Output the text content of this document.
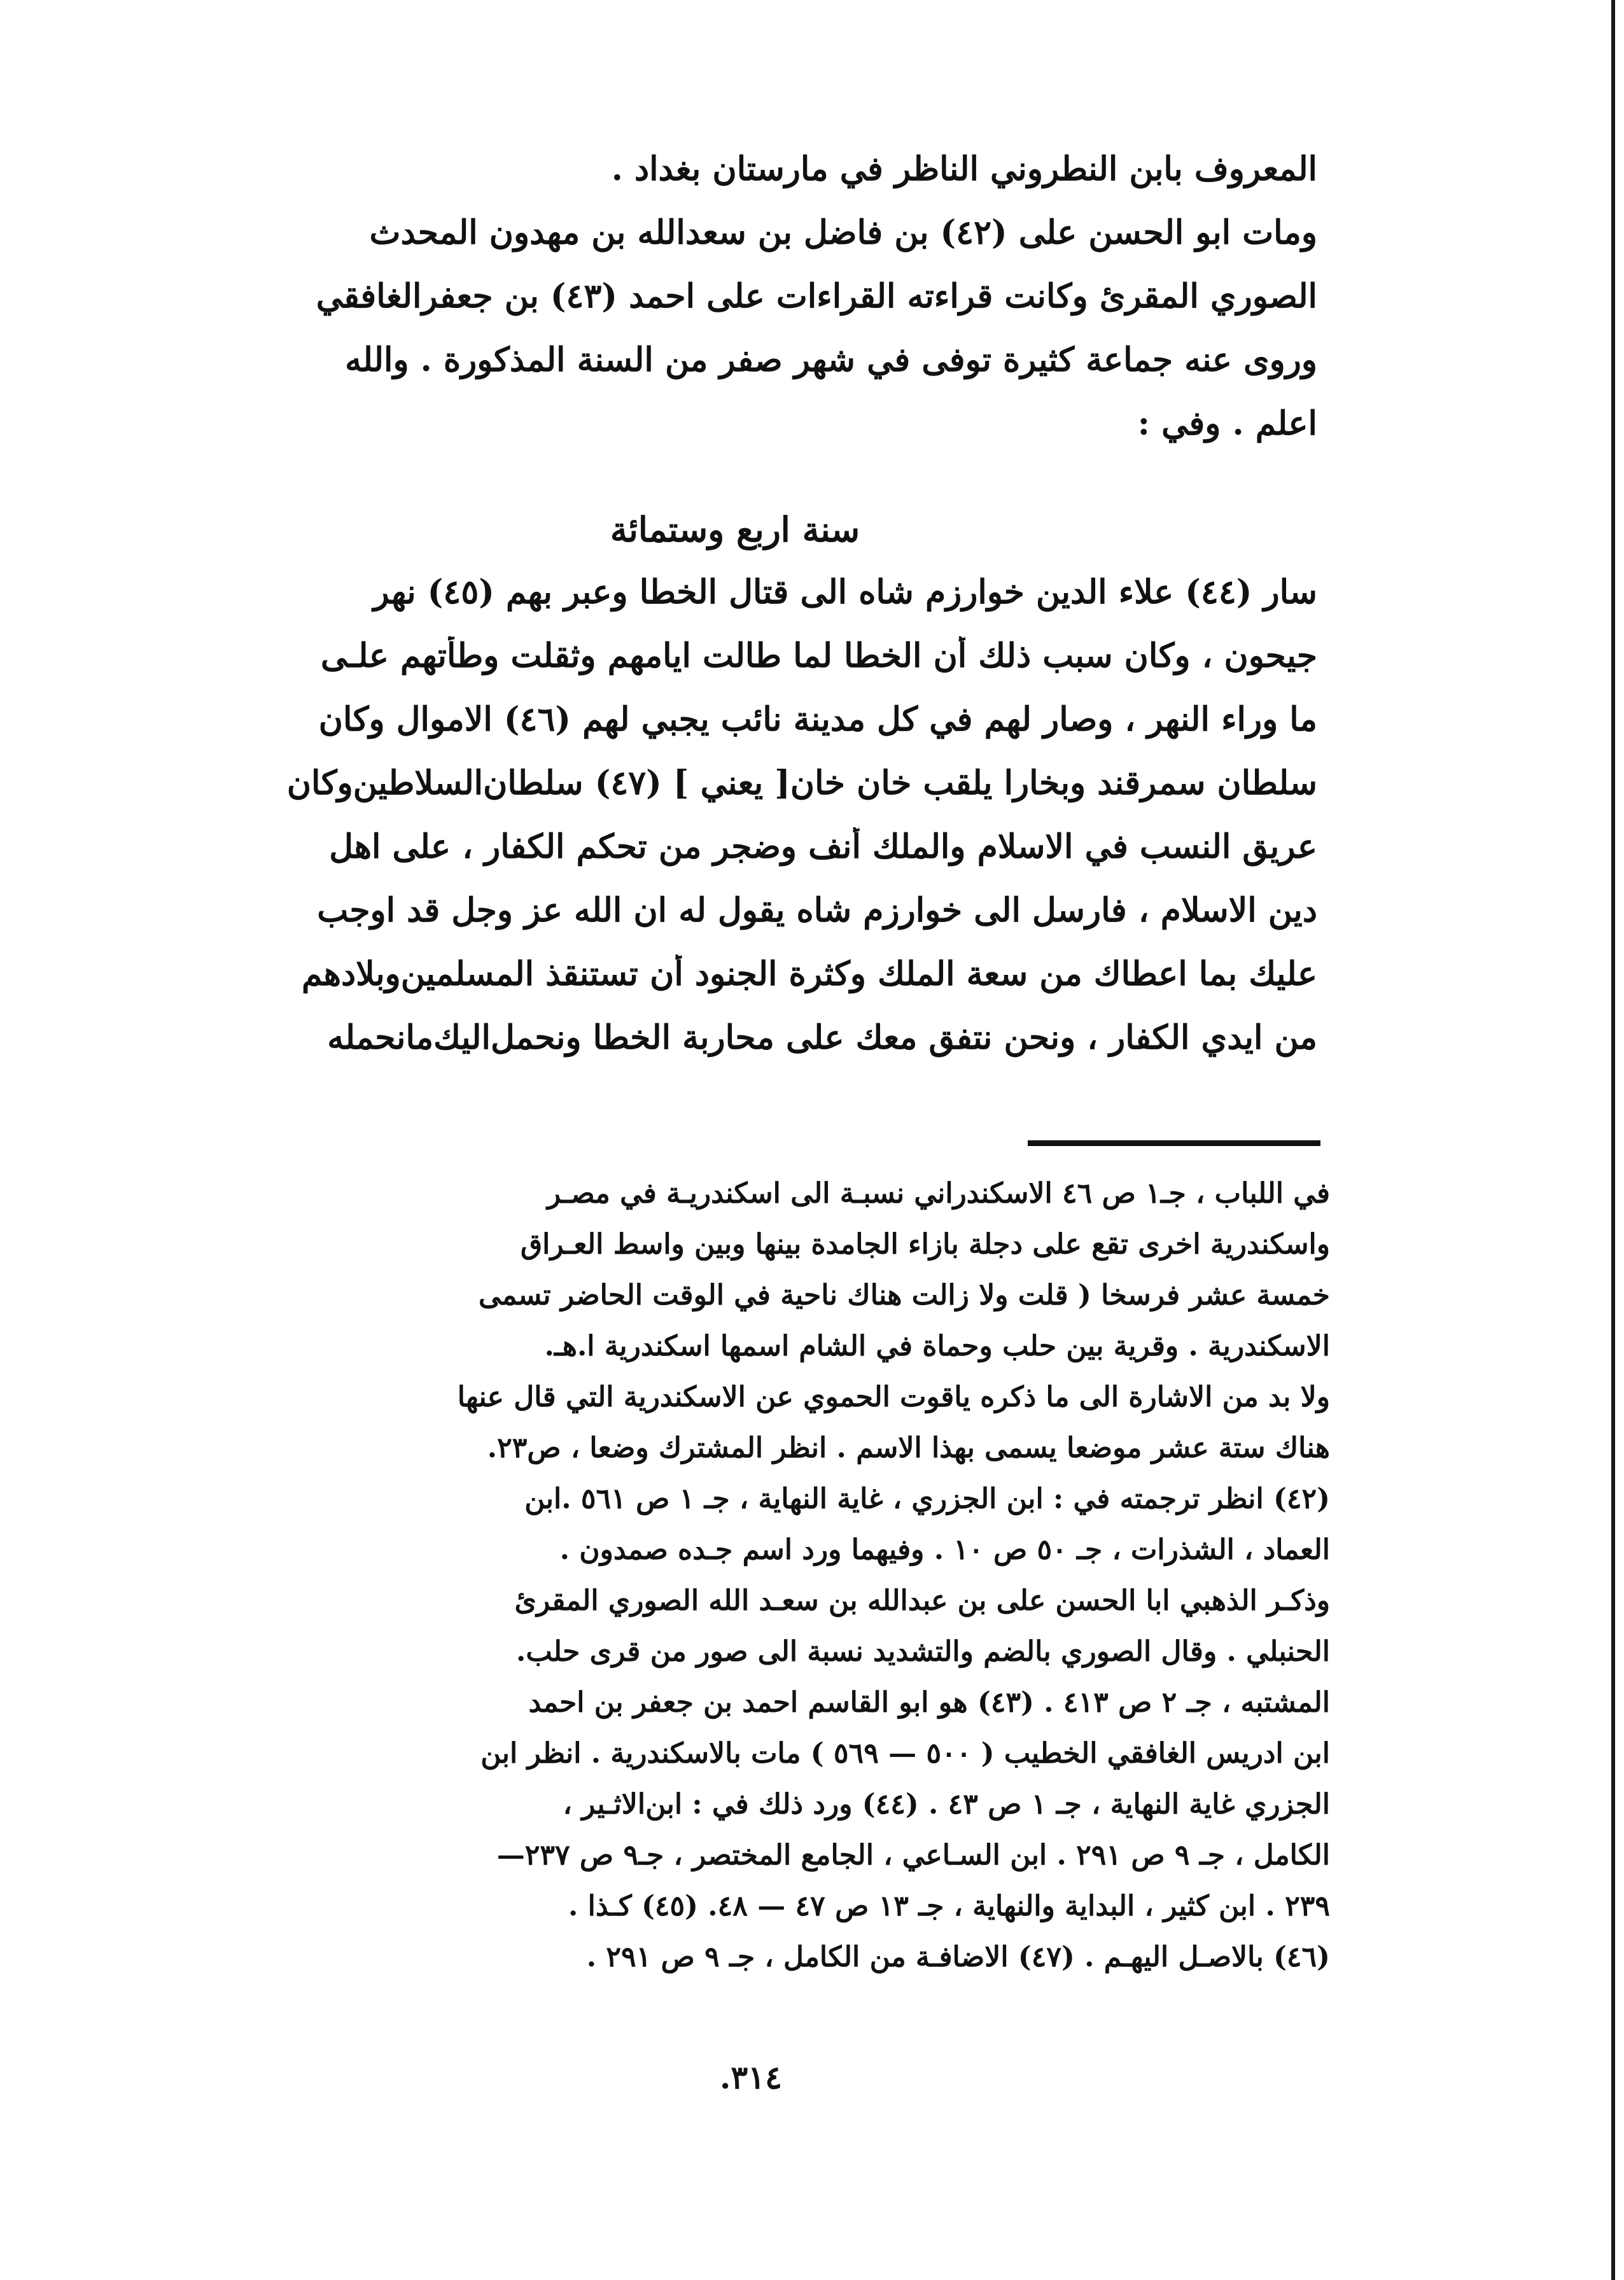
المعروف بابن النطروني الناظر في مارستان بغداد .
ومات ابو الحسن على (٤٢) بن فاضل بن سعدالله بن مهدون المحدث
الصوري المقرئ وكانت قراءته القراءات على احمد (٤٣) بن جعفرالغافقي
وروى عنه جماعة كثيرة توفى في شهر صفر من السنة المذكورة . والله
اعلم . وفي :
سنة اربع وستمائة
سار (٤٤) علاء الدين خوارزم شاه الى قتال الخطا وعبر بهم (٤٥) نهر
جيحون ، وكان سبب ذلك أن الخطا لما طالت ايامهم وثقلت وطأتهم علـى
ما وراء النهر ، وصار لهم في كل مدينة نائب يجبي لهم (٤٦) الاموال وكان
سلطان سمرقند وبخارا يلقب خان خان[ يعني ] (٤٧) سلطان‌السلاطين‌وكان
عريق النسب في الاسلام والملك أنف وضجر من تحكم الكفار ، على اهل
دين الاسلام ، فارسل الى خوارزم شاه يقول له ان الله عز وجل قد اوجب
عليك بما اعطاك من سعة الملك وكثرة الجنود أن تستنقذ المسلمين‌وبلادهم
من ايدي الكفار ، ونحن نتفق معك على محاربة الخطا ونحمل‌اليك‌مانحمله
في اللباب ، جـ١ ص ٤٦ الاسكندراني نسبـة الى اسكندريـة في مصـر
واسكندرية اخرى تقع على دجلة بازاء الجامدة بينها وبين واسط العـراق
خمسة عشر فرسخا ( قلت ولا زالت هناك ناحية في الوقت الحاضر تسمى
الاسكندرية . وقرية بين حلب وحماة في الشام اسمها اسكندرية ا.هـ.
ولا بد من الاشارة الى ما ذكره ياقوت الحموي عن الاسكندرية التي قال عنها
هناك ستة عشر موضعا يسمى بهذا الاسم . انظر المشترك وضعا ، ص٢٣.
(٤٢) انظر ترجمته في : ابن الجزري ، غاية النهاية ، جـ ١ ص ٥٦١ .ابن
العماد ، الشذرات ، جـ ٥٠ ص ١٠ . وفيهما ورد اسم جـده صمدون .
وذكـر الذهبي ابا الحسن على بن عبدالله بن سعـد الله الصوري المقرئ
الحنبلي . وقال الصوري بالضم والتشديد نسبة الى صور من قرى حلب.
المشتبه ، جـ ٢ ص ٤١٣ . (٤٣) هو ابو القاسم احمد بن جعفر بن احمد
ابن ادريس الغافقي الخطيب ( ٥٠٠ — ٥٦٩ ) مات بالاسكندرية . انظر ابن
الجزري غاية النهاية ، جـ ١ ص ٤٣ . (٤٤) ورد ذلك في : ابن‌الاثـير ،
الكامل ، جـ ٩ ص ٢٩١ . ابن السـاعي ، الجامع المختصر ، جـ٩ ص ٢٣٧—
٢٣٩ . ابن كثير ، البداية والنهاية ، جـ ١٣ ص ٤٧ — ٤٨. (٤٥) كـذا .
(٤٦) بالاصـل اليهـم . (٤٧) الاضافـة من الكامل ، جـ ٩ ص ٢٩١ .
٣١٤.
